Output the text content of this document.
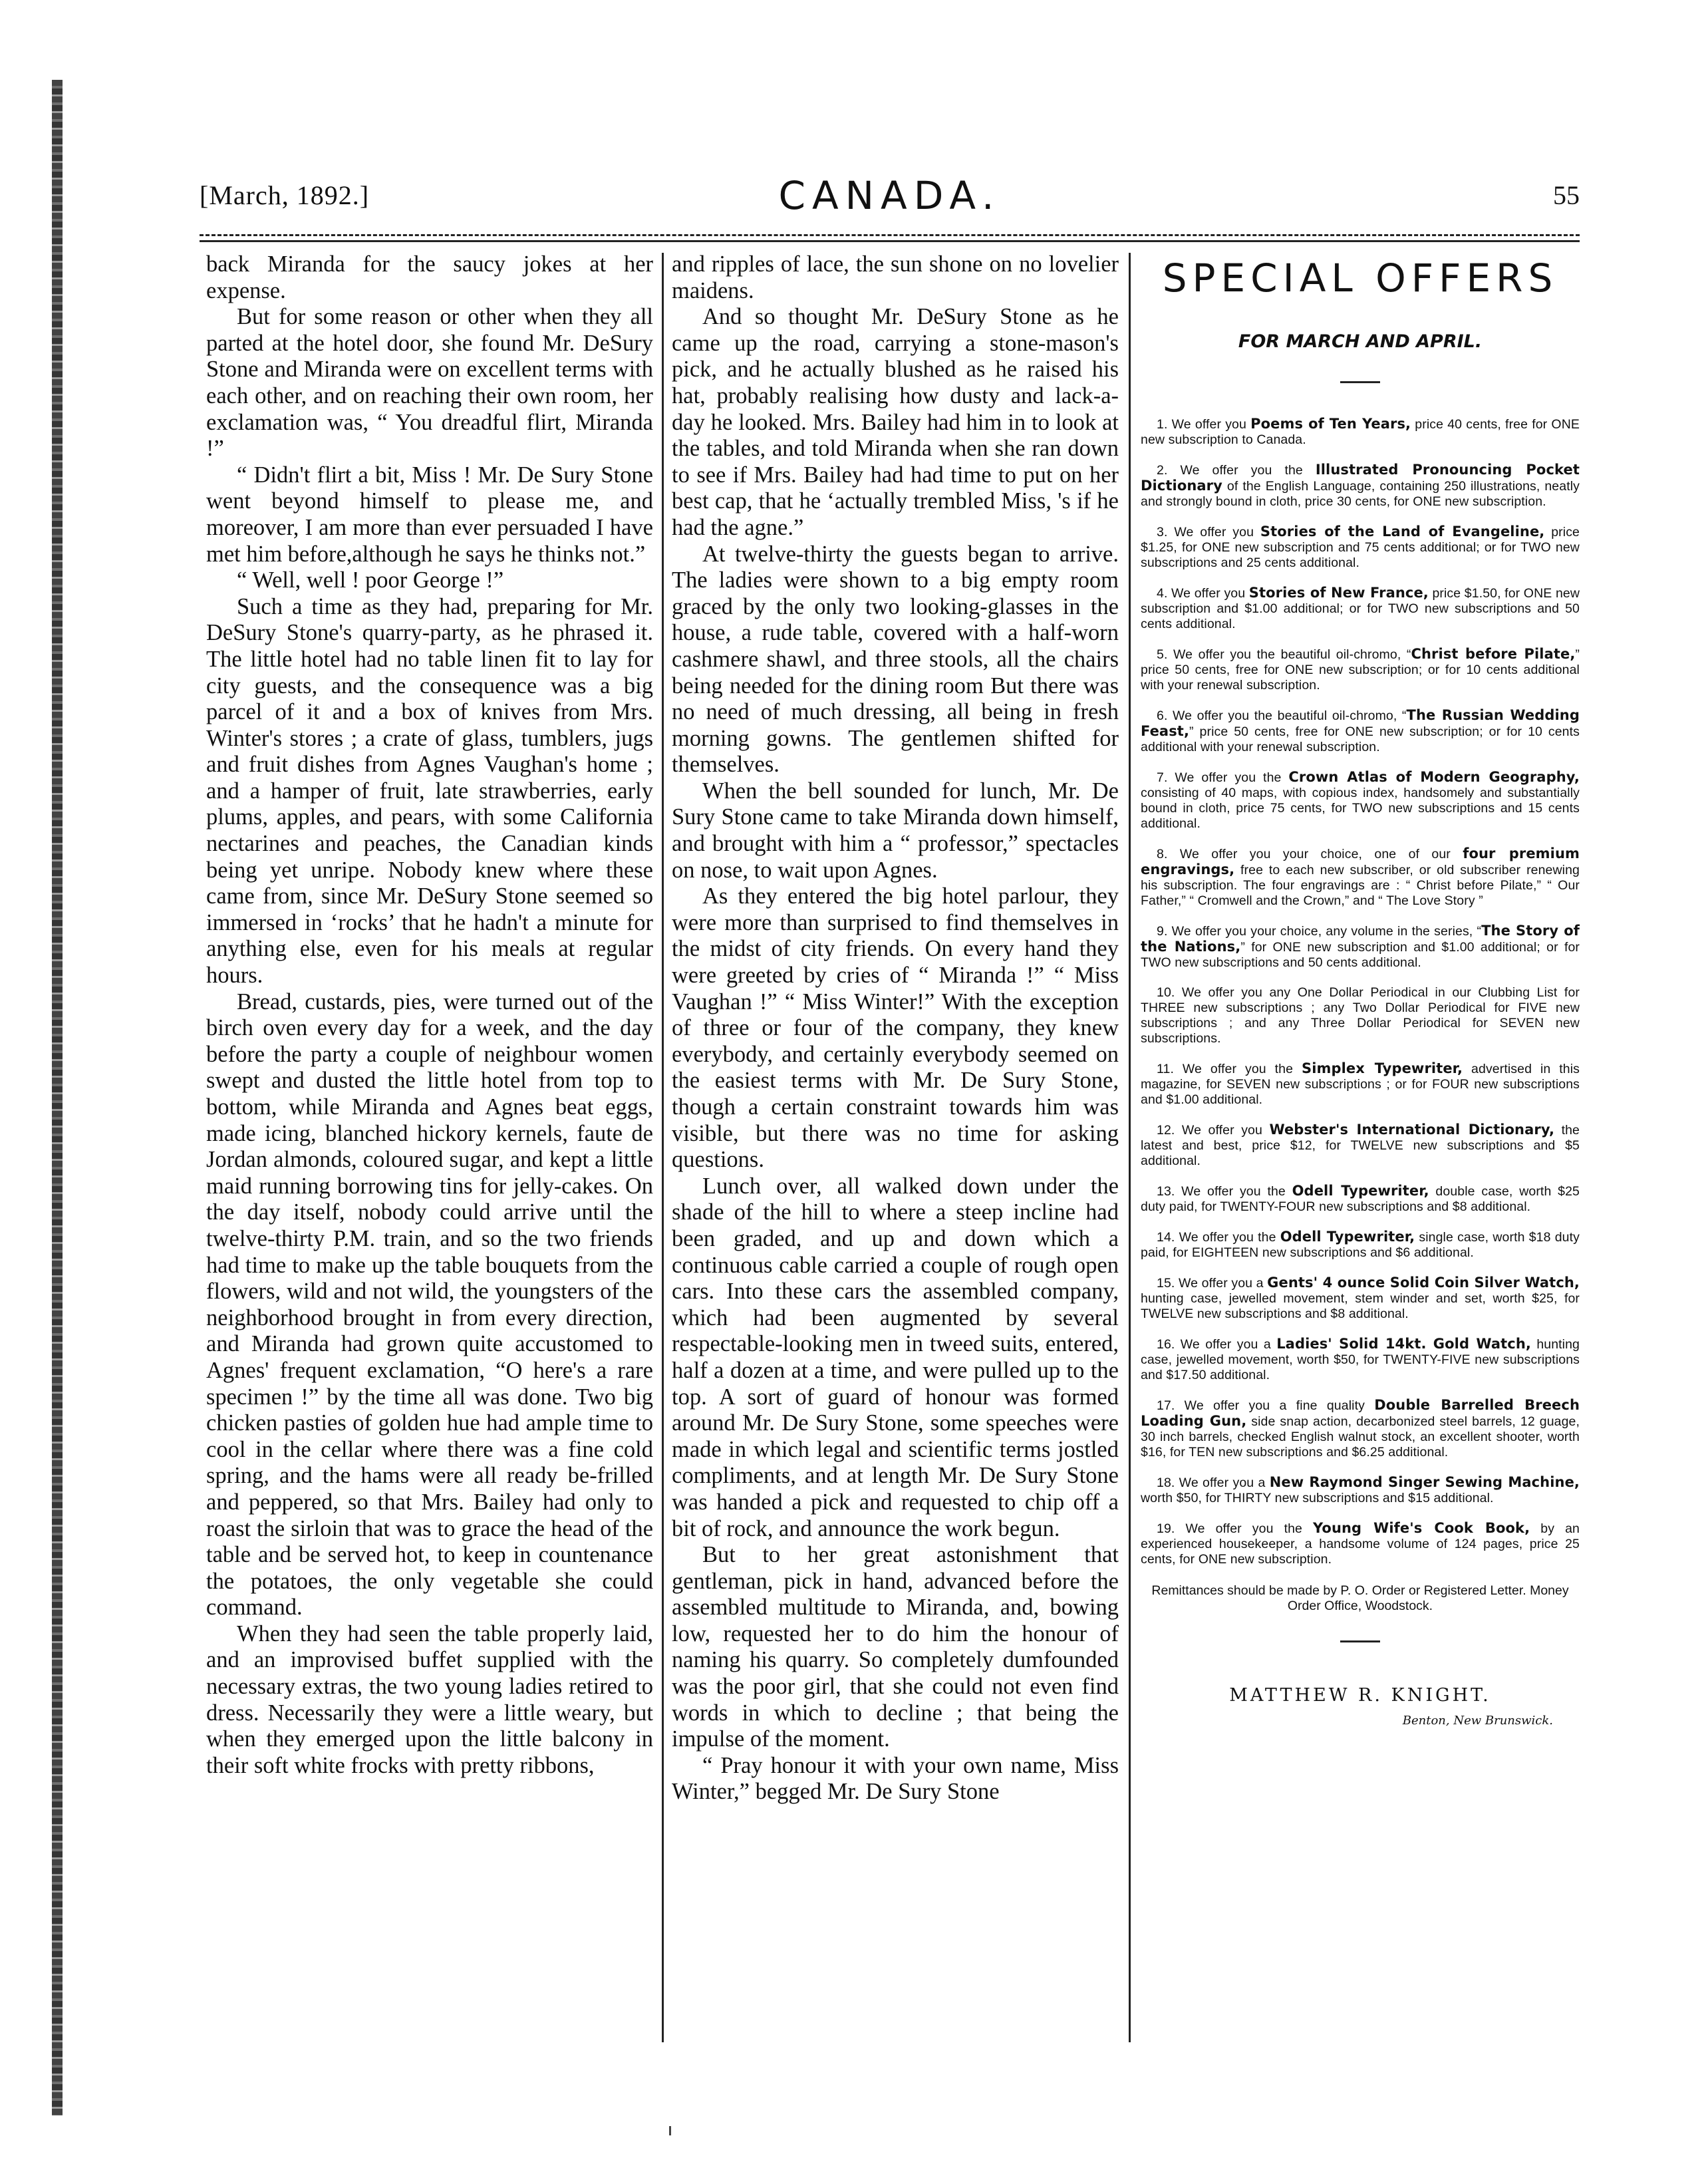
[March, 1892.]	CANADA.	55

back Miranda for the saucy jokes at her expense.

But for some reason or other when they all parted at the hotel door, she found Mr. DeSury Stone and Miranda were on excellent terms with each other, and on reaching their own room, her exclamation was, “ You dreadful flirt, Miranda !”

“ Didn't flirt a bit, Miss ! Mr. De Sury Stone went beyond himself to please me, and moreover, I am more than ever persuaded I have met him before,although he says he thinks not.”

“ Well, well ! poor George !”

Such a time as they had, preparing for Mr. DeSury Stone's quarry-party, as he phrased it. The little hotel had no table linen fit to lay for city guests, and the consequence was a big parcel of it and a box of knives from Mrs. Winter's stores ; a crate of glass, tumblers, jugs and fruit dishes from Agnes Vaughan's home ; and a hamper of fruit, late strawberries, early plums, apples, and pears, with some California nectarines and peaches, the Canadian kinds being yet unripe. Nobody knew where these came from, since Mr. DeSury Stone seemed so immersed in ‘rocks’ that he hadn't a minute for anything else, even for his meals at regular hours.

Bread, custards, pies, were turned out of the birch oven every day for a week, and the day before the party a couple of neighbour women swept and dusted the little hotel from top to bottom, while Miranda and Agnes beat eggs, made icing, blanched hickory kernels, faute de Jordan almonds, coloured sugar, and kept a little maid running borrowing tins for jelly-cakes. On the day itself, nobody could arrive until the twelve-thirty P.M. train, and so the two friends had time to make up the table bouquets from the flowers, wild and not wild, the youngsters of the neighborhood brought in from every direction, and Miranda had grown quite accustomed to Agnes' frequent exclamation, “O here's a rare specimen !” by the time all was done. Two big chicken pasties of golden hue had ample time to cool in the cellar where there was a fine cold spring, and the hams were all ready be-frilled and peppered, so that Mrs. Bailey had only to roast the sirloin that was to grace the head of the table and be served hot, to keep in countenance the potatoes, the only vegetable she could command.

When they had seen the table properly laid, and an improvised buffet supplied with the necessary extras, the two young ladies retired to dress. Necessarily they were a little weary, but when they emerged upon the little balcony in their soft white frocks with pretty ribbons,

and ripples of lace, the sun shone on no lovelier maidens.

And so thought Mr. DeSury Stone as he came up the road, carrying a stone-mason's pick, and he actually blushed as he raised his hat, probably realising how dusty and lack-a-day he looked. Mrs. Bailey had him in to look at the tables, and told Miranda when she ran down to see if Mrs. Bailey had had time to put on her best cap, that he ‘actually trembled Miss, 's if he had the agne.”

At twelve-thirty the guests began to arrive. The ladies were shown to a big empty room graced by the only two looking-glasses in the house, a rude table, covered with a half-worn cashmere shawl, and three stools, all the chairs being needed for the dining room But there was no need of much dressing, all being in fresh morning gowns. The gentlemen shifted for themselves.

When the bell sounded for lunch, Mr. De Sury Stone came to take Miranda down himself, and brought with him a “ professor,” spectacles on nose, to wait upon Agnes.

As they entered the big hotel parlour, they were more than surprised to find themselves in the midst of city friends. On every hand they were greeted by cries of “ Miranda !” “ Miss Vaughan !” “ Miss Winter!” With the exception of three or four of the company, they knew everybody, and certainly everybody seemed on the easiest terms with Mr. De Sury Stone, though a certain constraint towards him was visible, but there was no time for asking questions.

Lunch over, all walked down under the shade of the hill to where a steep incline had been graded, and up and down which a continuous cable carried a couple of rough open cars. Into these cars the assembled company, which had been augmented by several respectable-looking men in tweed suits, entered, half a dozen at a time, and were pulled up to the top. A sort of guard of honour was formed around Mr. De Sury Stone, some speeches were made in which legal and scientific terms jostled compliments, and at length Mr. De Sury Stone was handed a pick and requested to chip off a bit of rock, and announce the work begun.

But to her great astonishment that gentleman, pick in hand, advanced before the assembled multitude to Miranda, and, bowing low, requested her to do him the honour of naming his quarry. So completely dumfounded was the poor girl, that she could not even find words in which to decline ; that being the impulse of the moment.

“ Pray honour it with your own name, Miss Winter,” begged Mr. De Sury Stone

SPECIAL OFFERS
FOR MARCH AND APRIL.

1. We offer you Poems of Ten Years, price 40 cents, free for ONE new subscription to Canada.

2. We offer you the Illustrated Pronouncing Pocket Dictionary of the English Language, containing 250 illustrations, neatly and strongly bound in cloth, price 30 cents, for ONE new subscription.

3. We offer you Stories of the Land of Evangeline, price $1.25, for ONE new subscription and 75 cents additional; or for TWO new subscriptions and 25 cents additional.

4. We offer you Stories of New France, price $1.50, for ONE new subscription and $1.00 additional; or for TWO new subscriptions and 50 cents additional.

5. We offer you the beautiful oil-chromo, “Christ before Pilate,” price 50 cents, free for ONE new subscription; or for 10 cents additional with your renewal subscription.

6. We offer you the beautiful oil-chromo, “The Russian Wedding Feast,” price 50 cents, free for ONE new subscription; or for 10 cents additional with your renewal subscription.

7. We offer you the Crown Atlas of Modern Geography, consisting of 40 maps, with copious index, handsomely and substantially bound in cloth, price 75 cents, for TWO new subscriptions and 15 cents additional.

8. We offer you your choice, one of our four premium engravings, free to each new subscriber, or old subscriber renewing his subscription. The four engravings are : “ Christ before Pilate,” “ Our Father,” “ Cromwell and the Crown,” and “ The Love Story ”

9. We offer you your choice, any volume in the series, “The Story of the Nations,” for ONE new subscription and $1.00 additional; or for TWO new subscriptions and 50 cents additional.

10. We offer you any One Dollar Periodical in our Clubbing List for THREE new subscriptions ; any Two Dollar Periodical for FIVE new subscriptions ; and any Three Dollar Periodical for SEVEN new subscriptions.

11. We offer you the Simplex Typewriter, advertised in this magazine, for SEVEN new subscriptions ; or for FOUR new subscriptions and $1.00 additional.

12. We offer you Webster's International Dictionary, the latest and best, price $12, for TWELVE new subscriptions and $5 additional.

13. We offer you the Odell Typewriter, double case, worth $25 duty paid, for TWENTY-FOUR new subscriptions and $8 additional.

14. We offer you the Odell Typewriter, single case, worth $18 duty paid, for EIGHTEEN new subscriptions and $6 additional.

15. We offer you a Gents' 4 ounce Solid Coin Silver Watch, hunting case, jewelled movement, stem winder and set, worth $25, for TWELVE new subscriptions and $8 additional.

16. We offer you a Ladies' Solid 14kt. Gold Watch, hunting case, jewelled movement, worth $50, for TWENTY-FIVE new subscriptions and $17.50 additional.

17. We offer you a fine quality Double Barrelled Breech Loading Gun, side snap action, decarbonized steel barrels, 12 guage, 30 inch barrels, checked English walnut stock, an excellent shooter, worth $16, for TEN new subscriptions and $6.25 additional.

18. We offer you a New Raymond Singer Sewing Machine, worth $50, for THIRTY new subscriptions and $15 additional.

19. We offer you the Young Wife's Cook Book, by an experienced housekeeper, a handsome volume of 124 pages, price 25 cents, for ONE new subscription.

Remittances should be made by P. O. Order or Registered Letter. Money Order Office, Woodstock.
MATTHEW R. KNIGHT.
Benton, New Brunswick.
